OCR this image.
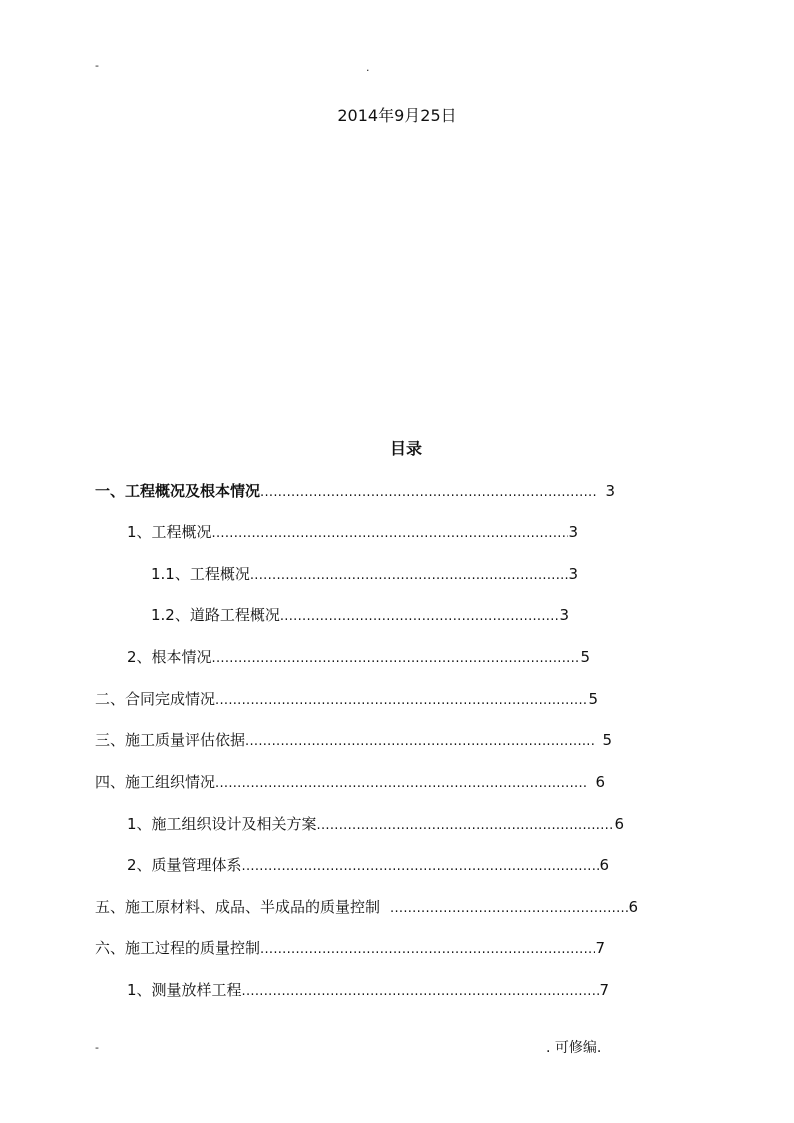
-	.
2014年9月25日
目录
一、工程概况及根本情况 .....	3
1、工程概况 .....	3
1.1、工程概况 .....	3
1.2、道路工程概况 .....	3
2、根本情况 .....	5
二、合同完成情况 .....	5
三、施工质量评估依据 .....	5
四、施工组织情况 .....	6
1、施工组织设计及相关方案 .....	6
2、质量管理体系 .....	6
五、施工原材料、成品、半成品的质量控制 .....	6
六、施工过程的质量控制 .....	7
1、测量放样工程 .....	7
-	. 可修编.
